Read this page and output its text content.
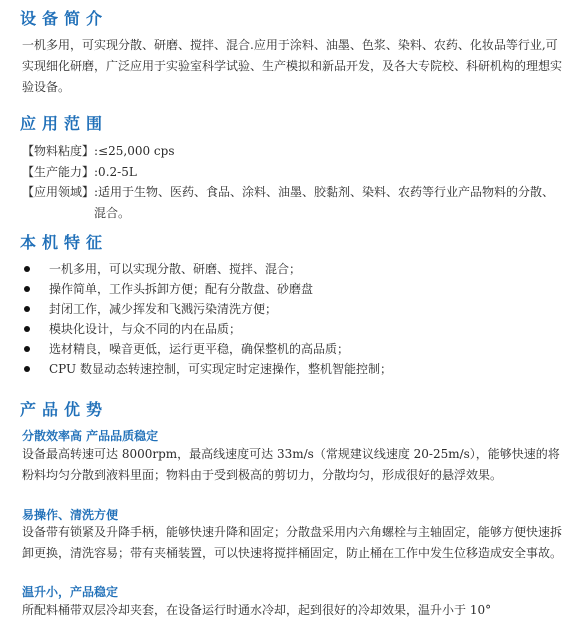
设备简介

一机多用，可实现分散、研磨、搅拌、混合.应用于涂料、油墨、色浆、染料、农药、化妆品等行业,可实现细化研磨，广泛应用于实验室科学试验、生产模拟和新品开发，及各大专院校、科研机构的理想实验设备。

应用范围
【物料粘度】 :≤25,000 cps
【生产能力】 :0.2-5L
【应用领域】 :适用于生物、医药、食品、涂料、油墨、胶黏剂、染料、农药等行业产品物料的分散、混合。
本机特征
一机多用，可以实现分散、研磨、搅拌、混合；
操作简单，工作头拆卸方便；配有分散盘、砂磨盘
封闭工作，减少挥发和飞溅污染清洗方便；
模块化设计，与众不同的内在品质；
选材精良，噪音更低，运行更平稳，确保整机的高品质；
CPU 数显动态转速控制，可实现定时定速操作，整机智能控制；
产品优势
分散效率高 产品品质稳定

设备最高转速可达 8000rpm，最高线速度可达 33m/s（常规建议线速度 20-25m/s），能够快速的将粉料均匀分散到液料里面；物料由于受到极高的剪切力，分散均匀，形成很好的悬浮效果。

易操作、清洗方便

设备带有锁紧及升降手柄，能够快速升降和固定；分散盘采用内六角螺栓与主轴固定，能够方便快速拆卸更换，清洗容易；带有夹桶装置，可以快速将搅拌桶固定，防止桶在工作中发生位移造成安全事故。

温升小，产品稳定

所配料桶带双层冷却夹套，在设备运行时通水冷却，起到很好的冷却效果，温升小于 10°
